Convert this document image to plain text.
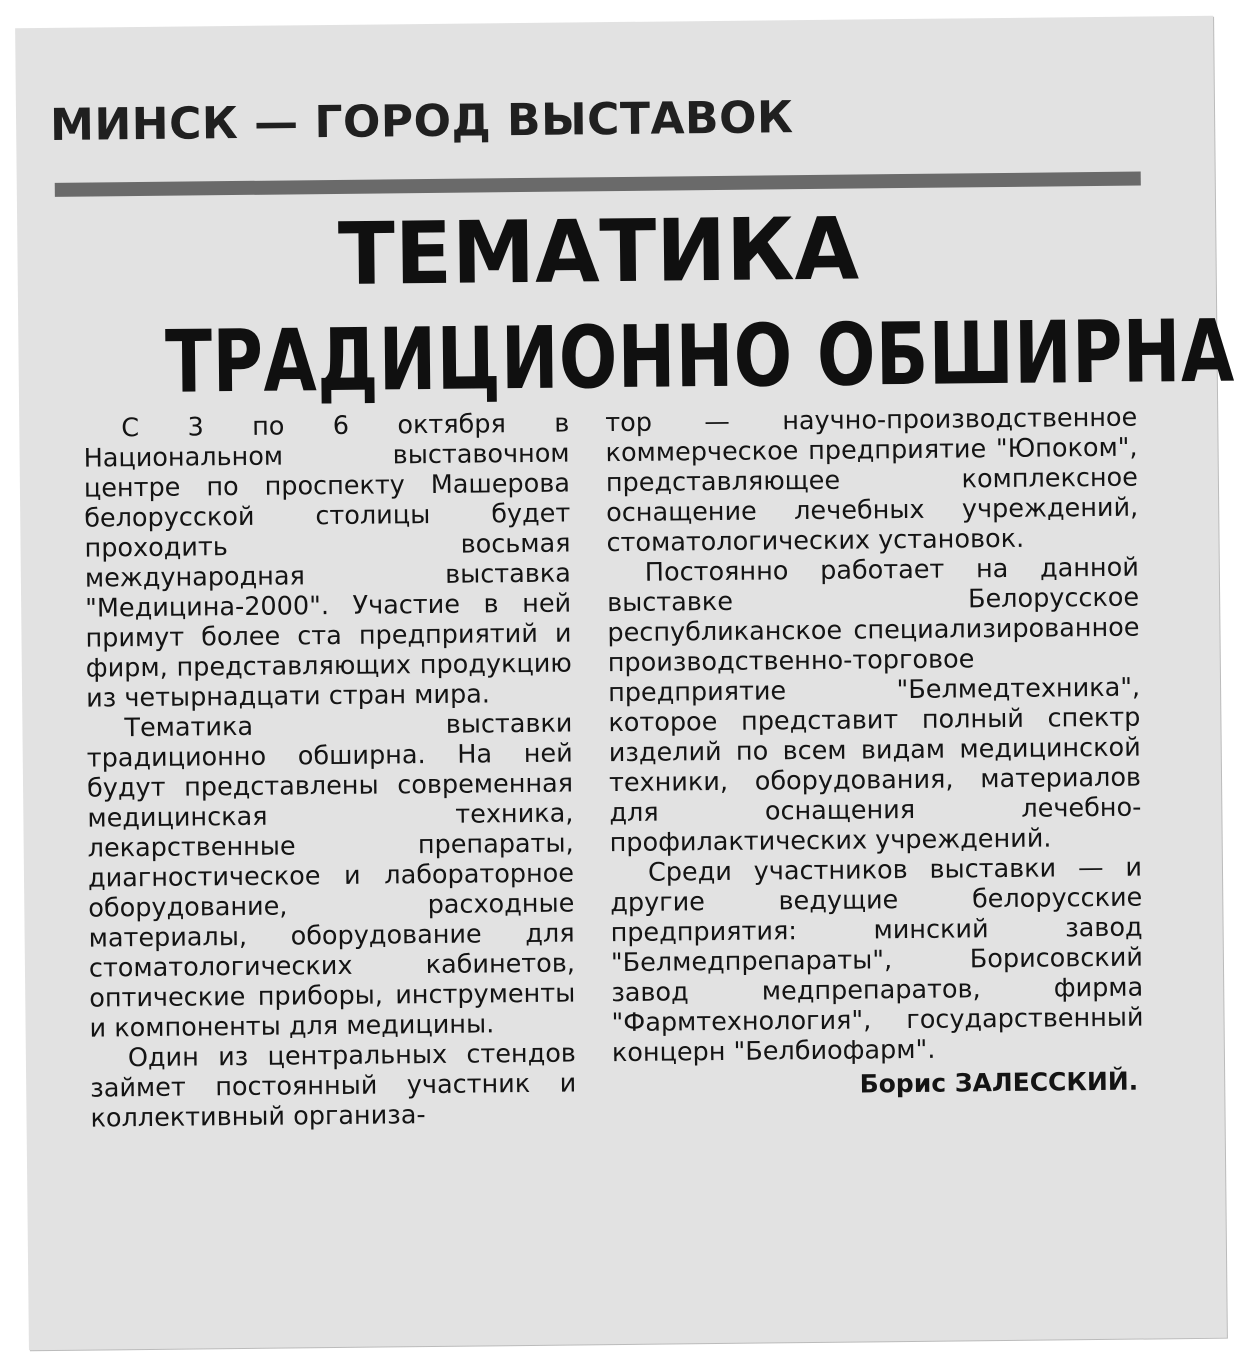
МИНСК — ГОРОД ВЫСТАВОК
ТЕМАТИКА
ТРАДИЦИОННО ОБШИРНА

С 3 по 6 октября в Национальном выставочном центре по проспекту Машерова белорусской столицы будет проходить восьмая международная выставка "Медицина-2000". Участие в ней примут более ста предприятий и фирм, представляющих продукцию из четырнадцати стран мира.

Тематика выставки традиционно обширна. На ней будут представлены современная медицинская техника, лекарственные препараты, диагностическое и лабораторное оборудование, расходные материалы, оборудование для стоматологических кабинетов, оптические приборы, инструменты и компоненты для медицины.

Один из центральных стендов займет постоянный участник и коллективный организа-

тор — научно-производственное коммерческое предприятие "Юпоком", представляющее комплексное оснащение лечебных учреждений, стоматологических установок.

Постоянно работает на данной выставке Белорусское республиканское специализированное производственно-торговое предприятие "Белмедтехника", которое представит полный спектр изделий по всем видам медицинской техники, оборудования, материалов для оснащения лечебно-профилактических учреждений.

Среди участников выставки — и другие ведущие белорусские предприятия: минский завод "Белмедпрепараты", Борисовский завод медпрепаратов, фирма "Фармтехнология", государственный концерн "Белбиофарм".

Борис ЗАЛЕССКИЙ.
